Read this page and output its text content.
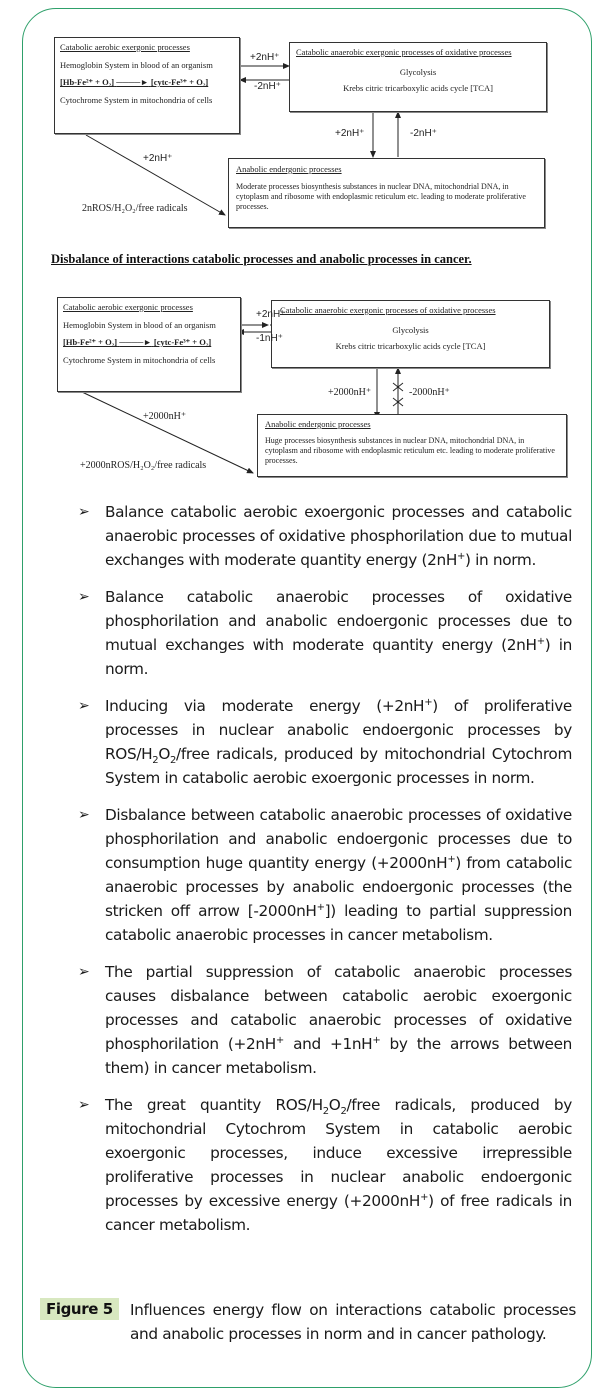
Catabolic aerobic exergonic processes
Hemoglobin System in blood of an organism
[Hb-Fe²⁺ + O₂] ────► [cytc-Fe³⁺ + O₂]
Cytochrome System in mitochondria of cells
Catabolic anaerobic exergonic processes of oxidative processes
Glycolysis
Krebs citric tricarboxylic acids cycle [TCA]
Anabolic endergonic processes
Moderate processes biosynthesis substances in nuclear DNA, mitochondrial DNA, in cytoplasm and ribosome with endoplasmic reticulum etc. leading to moderate proliferative processes.
+2nH⁺
-2nH⁺
+2nH⁺	-2nH⁺
+2nH⁺
2nROS/H₂O₂/free radicals
Disbalance of interactions catabolic processes and anabolic processes in cancer.
Catabolic aerobic exergonic processes
Hemoglobin System in blood of an organism
[Hb-Fe²⁺ + O₂] ────► [cytc-Fe³⁺ + O₂]
Cytochrome System in mitochondria of cells
Catabolic anaerobic exergonic processes of oxidative processes
Glycolysis
Krebs citric tricarboxylic acids cycle [TCA]
Anabolic endergonic processes
Huge processes biosynthesis substances in nuclear DNA, mitochondrial DNA, in cytoplasm and ribosome with endoplasmic reticulum etc. leading to moderate proliferative processes.
+2nH⁺
-1nH⁺
+2000nH⁺	-2000nH⁺
+2000nH⁺
+2000nROS/H₂O₂/free radicals
➢ Balance catabolic aerobic exoergonic processes and catabolic anaerobic processes of oxidative phosphorilation due to mutual exchanges with moderate quantity energy (2nH+) in norm.
➢ Balance catabolic anaerobic processes of oxidative phosphorilation and anabolic endoergonic processes due to mutual exchanges with moderate quantity energy (2nH+) in norm.
➢ Inducing via moderate energy (+2nH+) of proliferative processes in nuclear anabolic endoergonic processes by ROS/$H_2O_2$/free radicals, produced by mitochondrial Cytochrom System in catabolic aerobic exoergonic processes in norm.
➢ Disbalance between catabolic anaerobic processes of oxidative phosphorilation and anabolic endoergonic processes due to consumption huge quantity energy (+2000nH+) from catabolic anaerobic processes by anabolic endoergonic processes (the stricken off arrow [-2000nH+]) leading to partial suppression catabolic anaerobic processes in cancer metabolism.
➢ The partial suppression of catabolic anaerobic processes causes disbalance between catabolic aerobic exoergonic processes and catabolic anaerobic processes of oxidative phosphorilation (+2nH+ and +1nH+ by the arrows between them) in cancer metabolism.
➢ The great quantity ROS/$H_2O_2$/free radicals, produced by mitochondrial Cytochrom System in catabolic aerobic exoergonic processes, induce excessive irrepressible proliferative processes in nuclear anabolic endoergonic processes by excessive energy (+2000nH+) of free radicals in cancer metabolism.
Figure 5	Influences energy flow on interactions catabolic processes and anabolic processes in norm and in cancer pathology.
